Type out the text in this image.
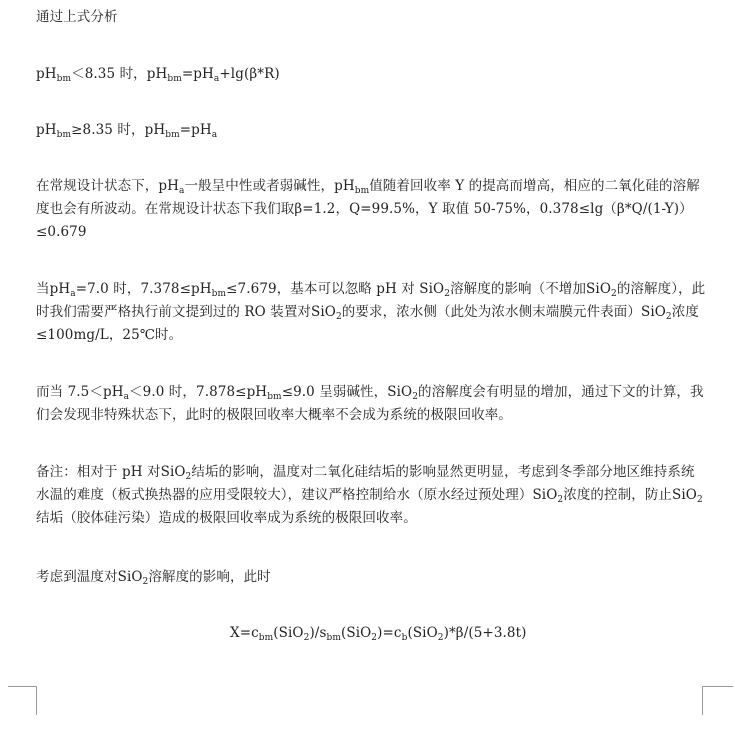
通过上式分析

$pH_{bm}<8.35$ 时，$pH_{bm}=pH_a+\lg(\beta*R)$

$pH_{bm}\ge 8.35$ 时，$pH_{bm}=pH_a$

在常规设计状态下，$pH_a$一般呈中性或者弱碱性，$pH_{bm}$值随着回收率 Y 的提高而增高，相应的二氧化硅的溶解度也会有所波动。在常规设计状态下我们取β=1.2，Q=99.5%，Y 取值 50-75%，0.378≤lg（β*Q/(1-Y)）≤0.679

当$pH_a=7.0$ 时，$7.378\le pH_{bm}\le 7.679$，基本可以忽略 pH 对 SiO$_2$溶解度的影响（不增加SiO$_2$的溶解度），此时我们需要严格执行前文提到过的 RO 装置对SiO$_2$的要求，浓水侧（此处为浓水侧末端膜元件表面）SiO$_2$浓度≤100mg/L，25℃时。

而当 $7.5<pH_a<9.0$ 时，$7.878\le pH_{bm}\le 9.0$ 呈弱碱性，SiO$_2$的溶解度会有明显的增加，通过下文的计算，我们会发现非特殊状态下，此时的极限回收率大概率不会成为系统的极限回收率。

备注：相对于 pH 对SiO$_2$结垢的影响，温度对二氧化硅结垢的影响显然更明显，考虑到冬季部分地区维持系统水温的难度（板式换热器的应用受限较大），建议严格控制给水（原水经过预处理）SiO$_2$浓度的控制，防止SiO$_2$结垢（胶体硅污染）造成的极限回收率成为系统的极限回收率。

考虑到温度对SiO$_2$溶解度的影响，此时

$X=c_{bm}(SiO_2)/s_{bm}(SiO_2)=c_b(SiO_2)*\beta/(5+3.8t)$
